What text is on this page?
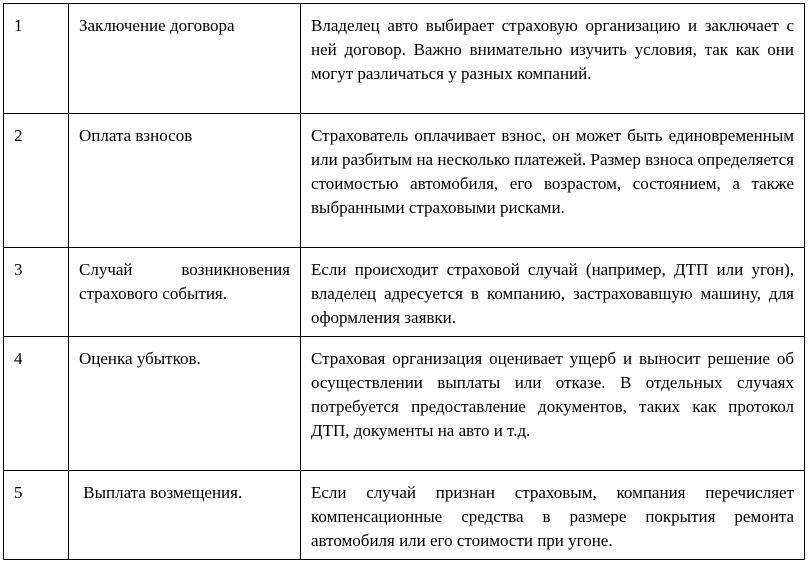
1	Заключение договора	Владелец авто выбирает страховую организацию и заключает с ней договор. Важно внимательно изучить условия, так как они могут различаться у разных компаний.
2	Оплата взносов	Страхователь оплачивает взнос, он может быть единовременным или разбитым на несколько платежей. Размер взноса определяется стоимостью автомобиля, его возрастом, состоянием, а также выбранными страховыми рисками.
3	Случай возникновения страхового события.	Если происходит страховой случай (например, ДТП или угон), владелец адресуется в компанию, застраховавшую машину, для оформления заявки.
4	Оценка убытков.	Страховая организация оценивает ущерб и выносит решение об осуществлении выплаты или отказе. В отдельных случаях потребуется предоставление документов, таких как протокол ДТП, документы на авто и т.д.
5	Выплата возмещения.	Если случай признан страховым, компания перечисляет компенсационные средства в размере покрытия ремонта автомобиля или его стоимости при угоне.
